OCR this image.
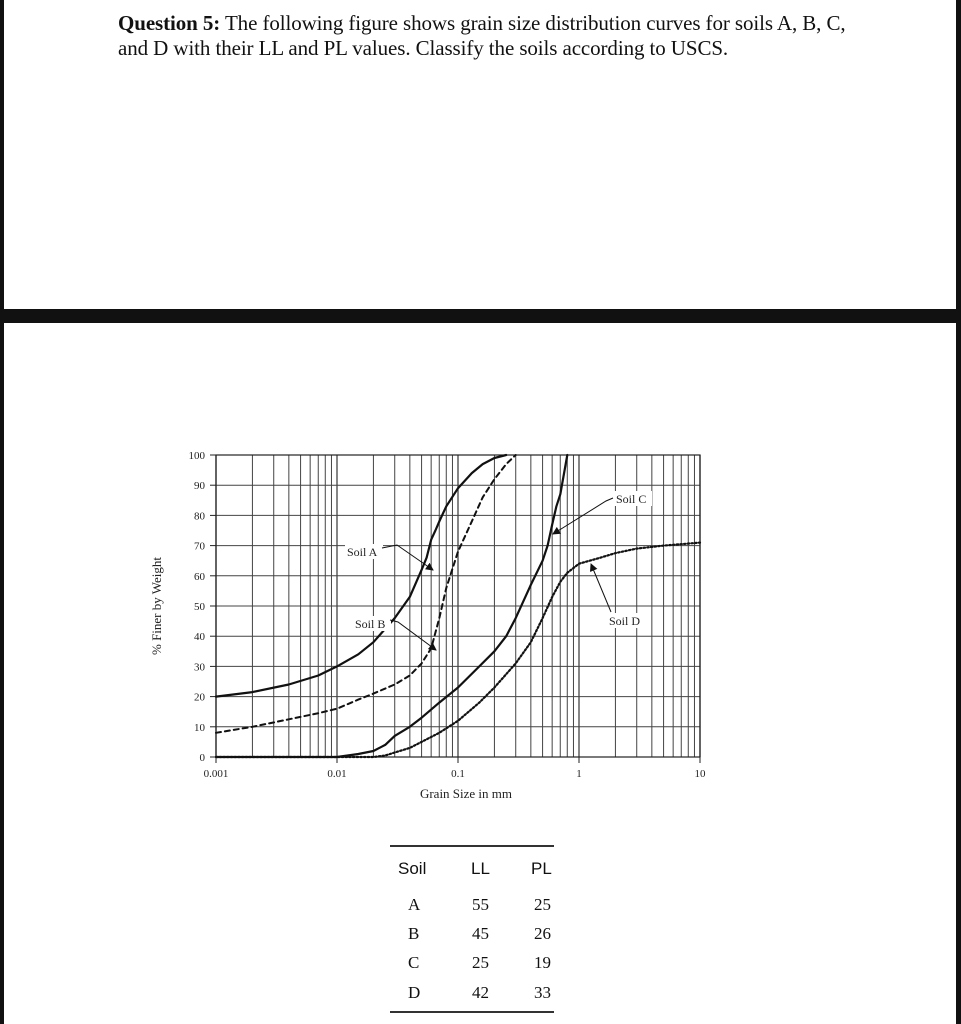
Question 5: The following figure shows grain size distribution curves for soils A, B, C, and D with their LL and PL values. Classify the soils according to USCS.
0
10
20
30
40
50
60
70
80
90
100
0.001	0.01	0.1	1	10
Grain Size in mm
% Finer by Weight
Soil A
Soil B
Soil C
Soil D
Soil	LL PL
A	55	25
B	45	26
C	25	19
D	42	33
